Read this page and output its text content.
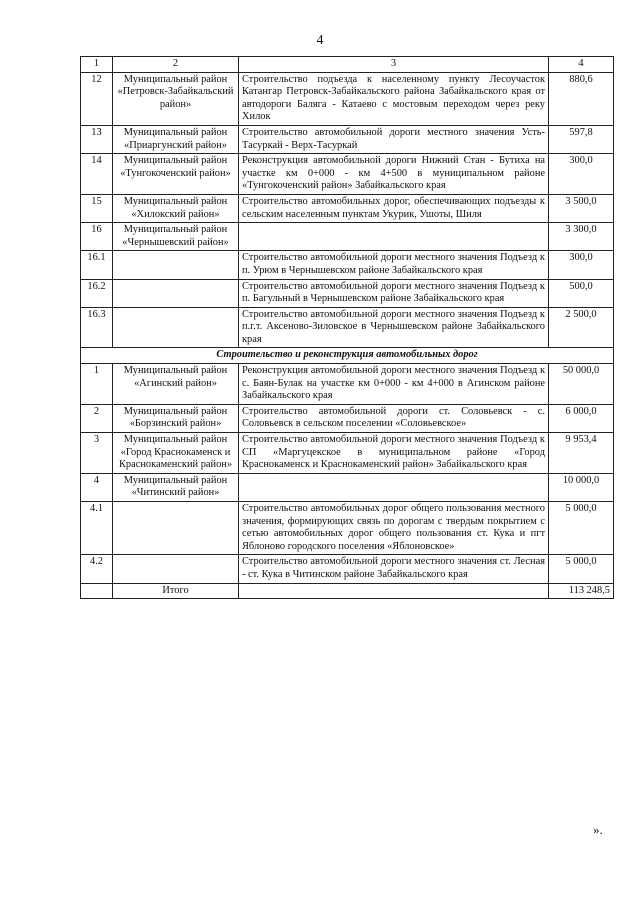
4
1	2	3	4
12	Муниципальный район «Петровск-Забайкальский район»	Строительство подъезда к населенному пункту Лесоучасток Катангар Петровск-Забайкальского района Забайкальского края от автодороги Баляга - Катаево с мостовым переходом через реку Хилок	880,6
13	Муниципальный район «Приаргунский район»	Строительство автомобильной дороги местного значения Усть-Тасуркай - Верх-Тасуркай	597,8
14	Муниципальный район «Тунгокоченский район»	Реконструкция автомобильной дороги Нижний Стан - Бутиха на участке км 0+000 - км 4+500 в муниципальном районе «Тунгокоченский район» Забайкальского края	300,0
15	Муниципальный район «Хилокский район»	Строительство автомобильных дорог, обеспечивающих подъезды к сельским населенным пунктам Укурик, Ушоты, Шиля	3 500,0
16	Муниципальный район «Чернышевский район»		3 300,0
16.1		Строительство автомобильной дороги местного значения Подъезд к п. Урюм в Чернышевском районе Забайкальского края	300,0
16.2		Строительство автомобильной дороги местного значения Подъезд к п. Багульный в Чернышевском районе Забайкальского края	500,0
16.3		Строительство автомобильной дороги местного значения Подъезд к п.г.т. Аксеново-Зиловское в Чернышевском районе Забайкальского края	2 500,0
Строительство и реконструкция автомобильных дорог			
1	Муниципальный район «Агинский район»	Реконструкция автомобильной дороги местного значения Подъезд к с. Баян-Булак на участке км 0+000 - км 4+000 в Агинском районе Забайкальского края	50 000,0
2	Муниципальный район «Борзинский район»	Строительство автомобильной дороги ст. Соловьевск - с. Соловьевск в сельском поселении «Соловьевское»	6 000,0
3	Муниципальный район «Город Краснокаменск и Краснокаменский район»	Строительство автомобильной дороги местного значения Подъезд к СП «Маргуцекское в муниципальном районе «Город Краснокаменск и Краснокаменский район» Забайкальского края	9 953,4
4	Муниципальный район «Читинский район»		10 000,0
4.1		Строительство автомобильных дорог общего пользования местного значения, формирующих связь по дорогам с твердым покрытием с сетью автомобильных дорог общего пользования ст. Кука и пгт Яблоново городского поселения «Яблоновское»	5 000,0
4.2		Строительство автомобильной дороги местного значения ст. Лесная - ст. Кука в Читинском районе Забайкальского края	5 000,0
	Итого		113 248,5
».
